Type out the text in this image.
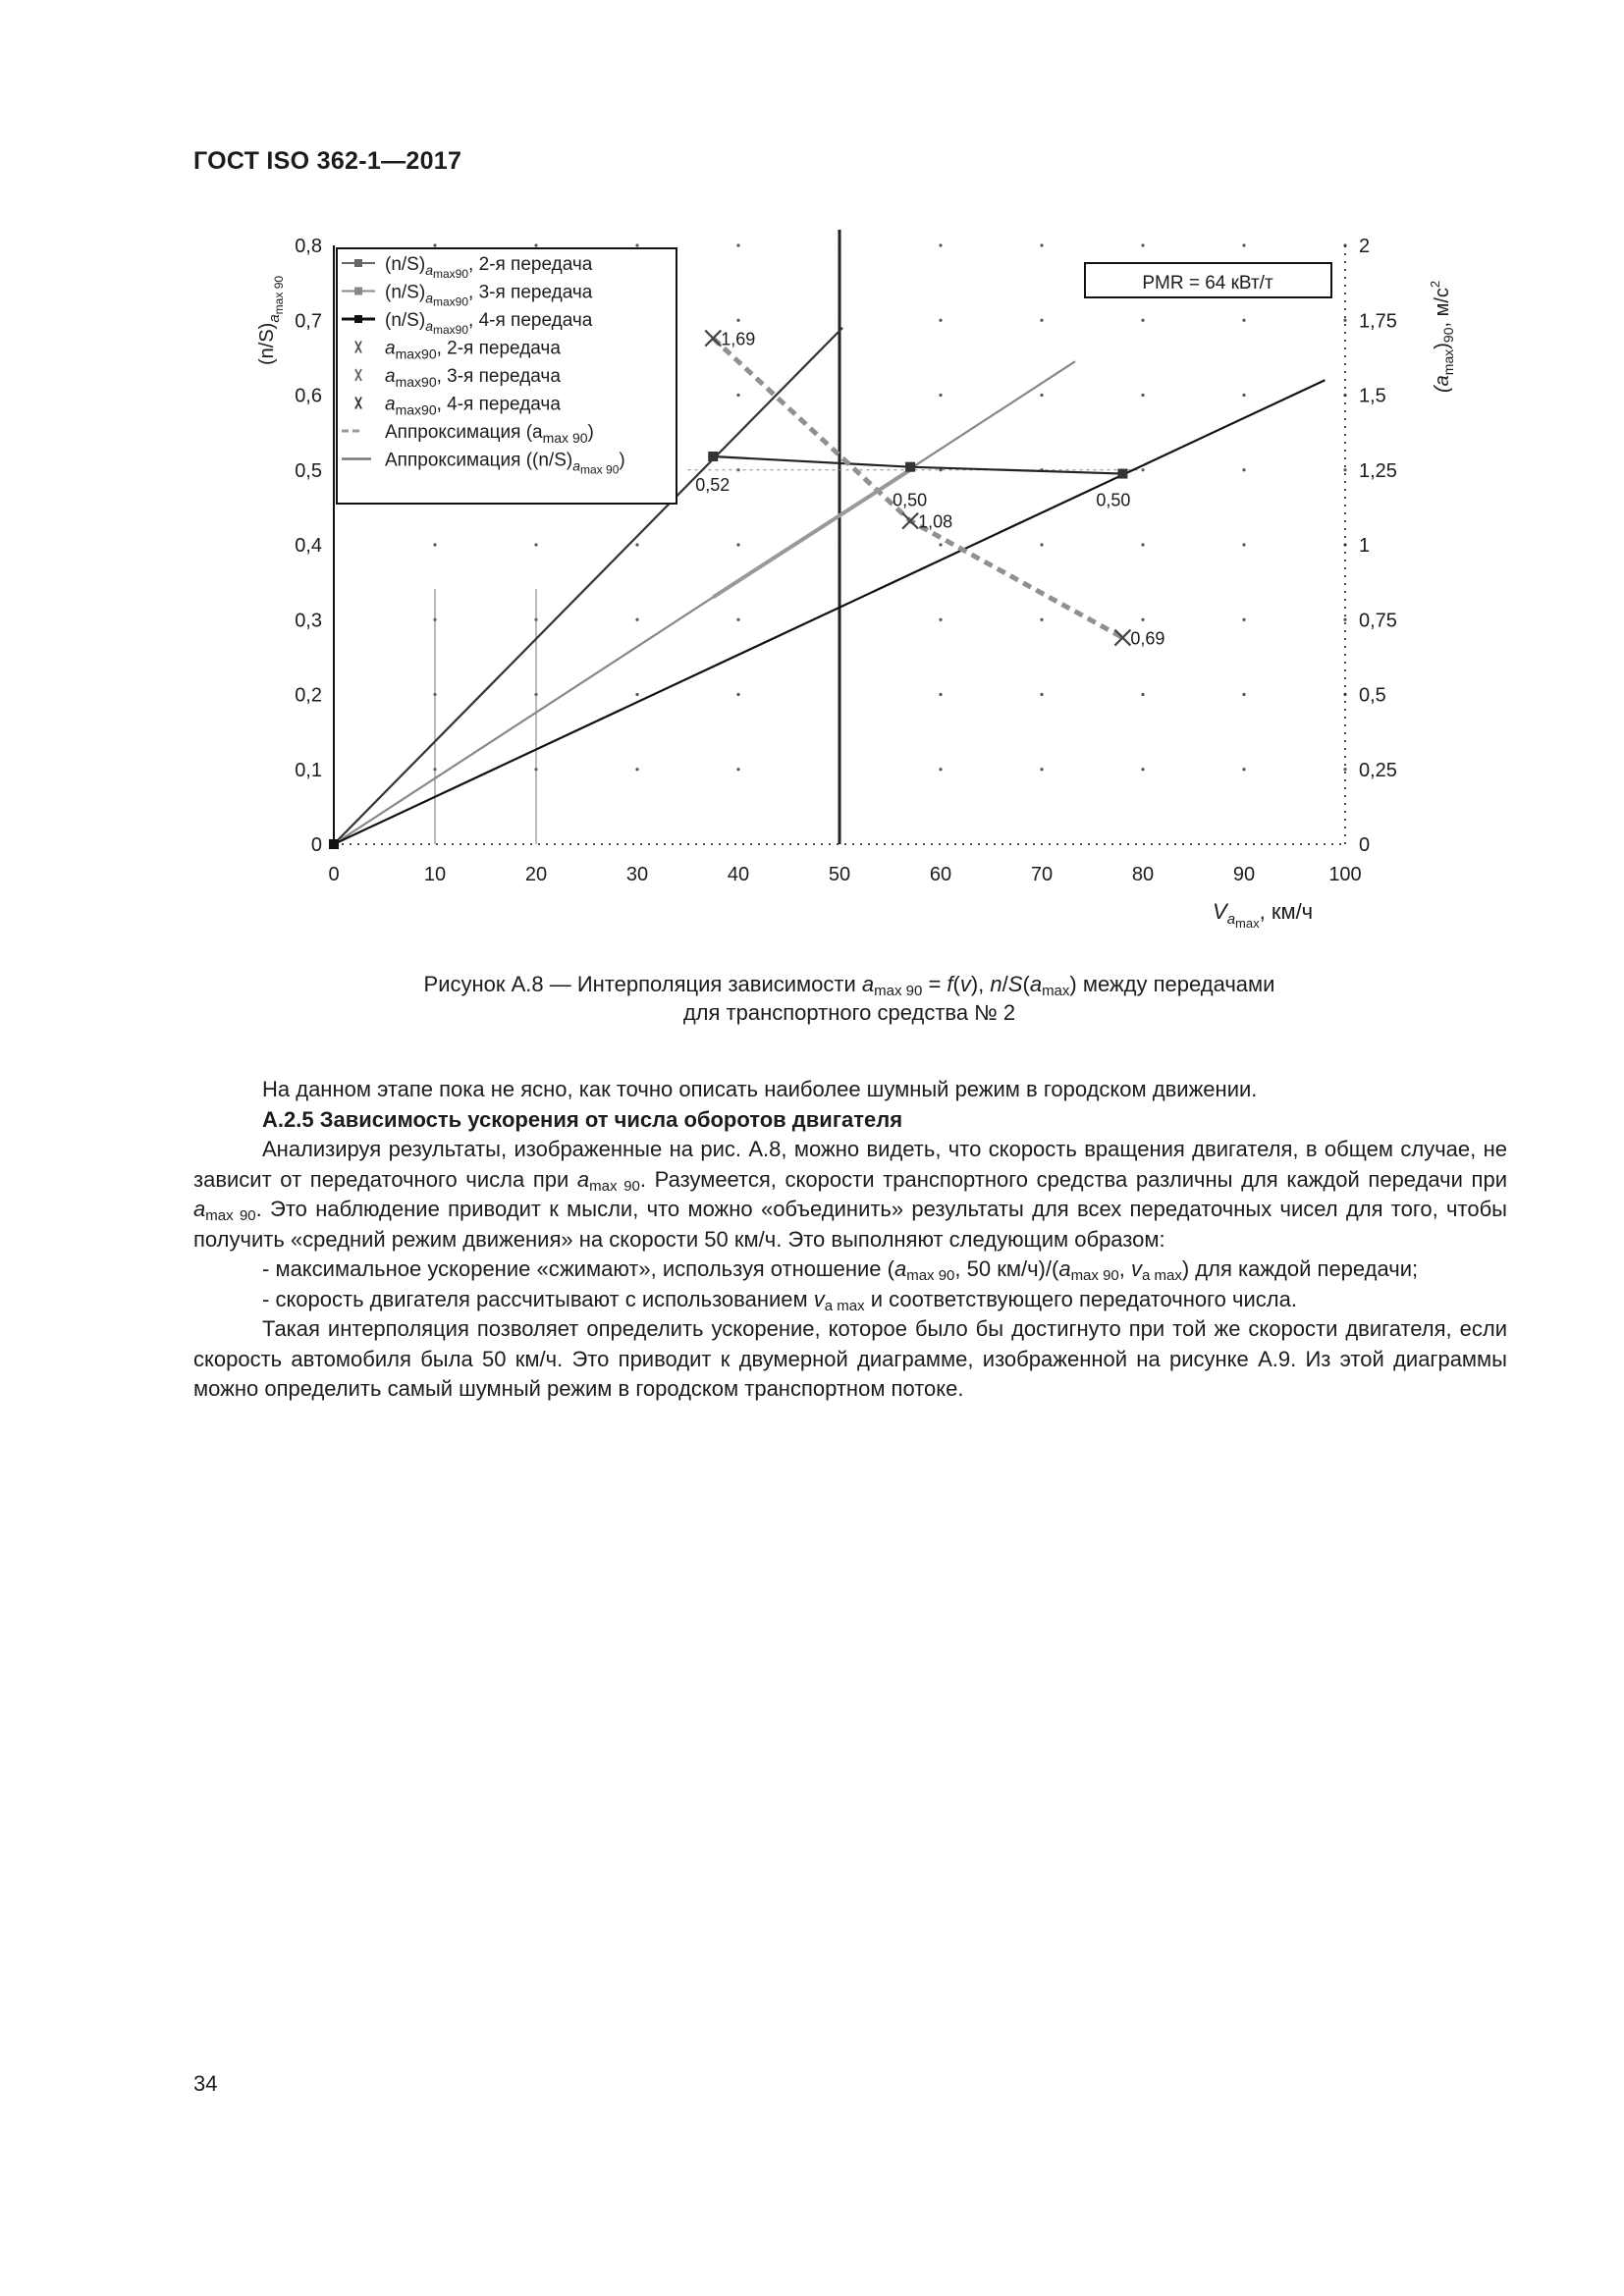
ГОСТ ISO 362-1—2017
0,52
0,50	0,50
1,69
1,08
0,69
0	10	20	30	40	50	60	70	80	90	100
0
0,1
0,2
0,3
0,4
0,5
0,6
0,7
0,8
0
0,25
0,5
0,75
1
1,25
1,5
1,75
2
$(n/S)_a\max 90$, 2-я передача
$(n/S)_a\max 90$, 3-я передача
$(n/S)_a\max 90$, 4-я передача
$a_{max90}$, 2-я передача
$a_{max90}$, 3-я передача
$a_{max90}$, 4-я передача
Аппроксимация $(a_{max 90})$
Аппроксимация ($(n/S)_a\max$ 90)
PMR = 64 кВт/т
$(n/S)_{amax 90}$
$(a_{max})_{90}$, $м/с^2$
$V_a\max$, км/ч
Рисунок А.8 — Интерполяция зависимости $a_{max 90} = f(v)$, $n/S(a_{max})$ между передачами
для транспортного средства № 2

На данном этапе пока не ясно, как точно описать наиболее шумный режим в городском движении.

А.2.5 Зависимость ускорения от числа оборотов двигателя

Анализируя результаты, изображенные на рис. А.8, можно видеть, что скорость вращения двигателя, в общем случае, не зависит от передаточного числа при $a_{max 90}$. Разумеется, скорости транспортного средства различны для каждой передачи при $a_{max 90}$. Это наблюдение приводит к мысли, что можно «объединить» результаты для всех передаточных чисел для того, чтобы получить «средний режим движения» на скорости 50 км/ч. Это выполняют следующим образом:

- максимальное ускорение «сжимают», используя отношение ($a_{max 90}$, 50 $км/ч)/(a_{max 90}$, $v_{a max}$) для каждой передачи;

- скорость двигателя рассчитывают с использованием $v_{a max}$ и соответствующего передаточного числа.

Такая интерполяция позволяет определить ускорение, которое было бы достигнуто при той же скорости двигателя, если скорость автомобиля была 50 км/ч. Это приводит к двумерной диаграмме, изображенной на рисунке А.9. Из этой диаграммы можно определить самый шумный режим в городском транспортном потоке.

34
